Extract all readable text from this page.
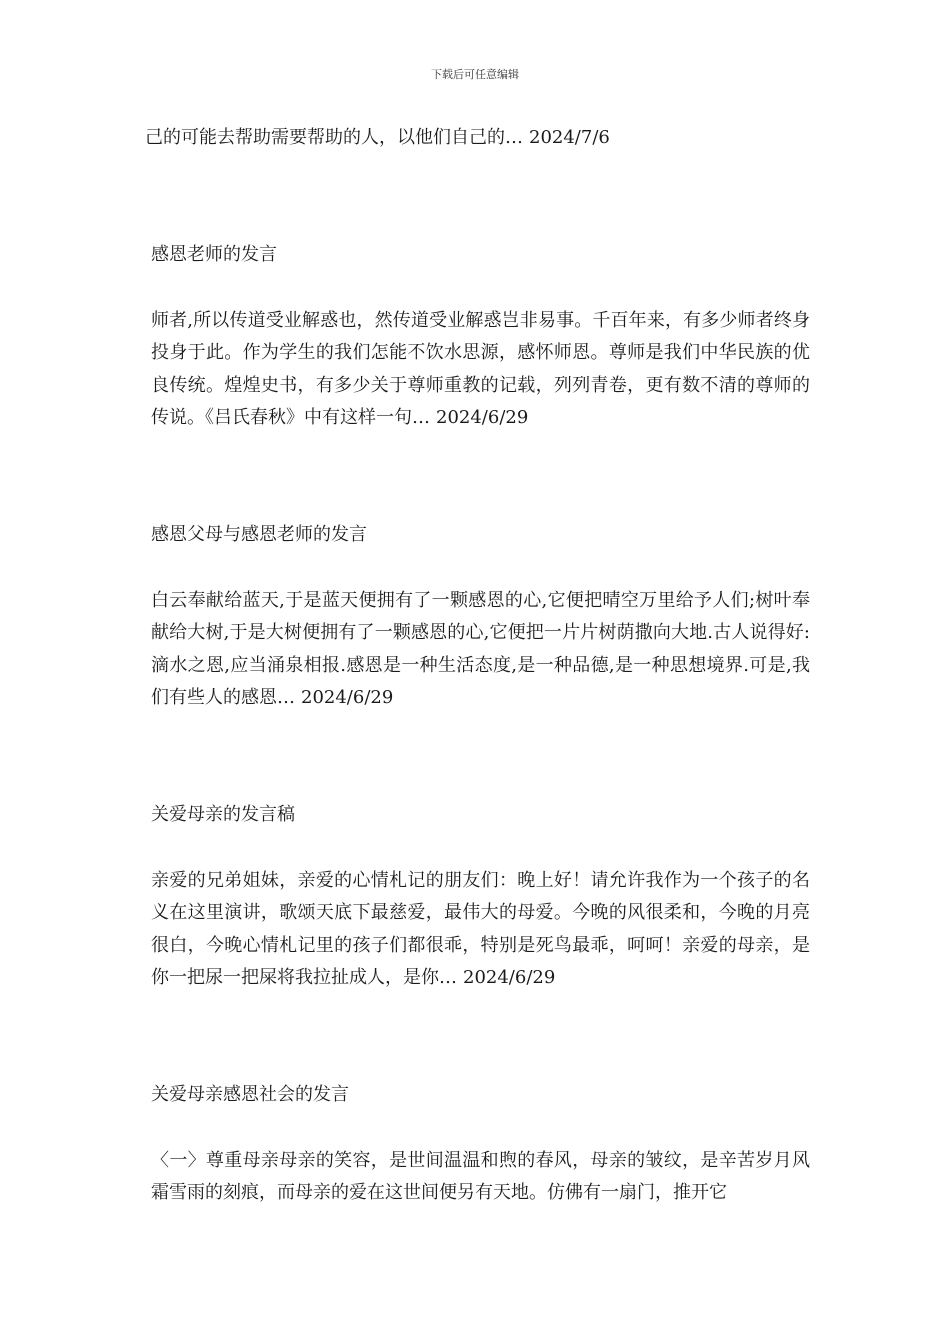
下载后可任意编辑

己的可能去帮助需要帮助的人，以他们自己的… 2024/7/6

感恩老师的发言

师者,所以传道受业解惑也，然传道受业解惑岂非易事。千百年来，有多少师者终身投身于此。作为学生的我们怎能不饮水思源，感怀师恩。尊师是我们中华民族的优良传统。煌煌史书，有多少关于尊师重教的记载，列列青卷，更有数不清的尊师的传说。《吕氏春秋》中有这样一句… 2024/6/29

感恩父母与感恩老师的发言

白云奉献给蓝天,于是蓝天便拥有了一颗感恩的心,它便把晴空万里给予人们;树叶奉献给大树,于是大树便拥有了一颗感恩的心,它便把一片片树荫撒向大地.古人说得好:滴水之恩,应当涌泉相报.感恩是一种生活态度,是一种品德,是一种思想境界.可是,我们有些人的感恩… 2024/6/29

关爱母亲的发言稿

亲爱的兄弟姐妹，亲爱的心情札记的朋友们：晚上好！请允许我作为一个孩子的名义在这里演讲，歌颂天底下最慈爱，最伟大的母爱。今晚的风很柔和，今晚的月亮很白，今晚心情札记里的孩子们都很乖，特别是死鸟最乖，呵呵！亲爱的母亲，是你一把尿一把屎将我拉扯成人，是你… 2024/6/29

关爱母亲感恩社会的发言

〈一〉尊重母亲母亲的笑容，是世间温温和煦的春风，母亲的皱纹，是辛苦岁月风霜雪雨的刻痕，而母亲的爱在这世间便另有天地。仿佛有一扇门，推开它
